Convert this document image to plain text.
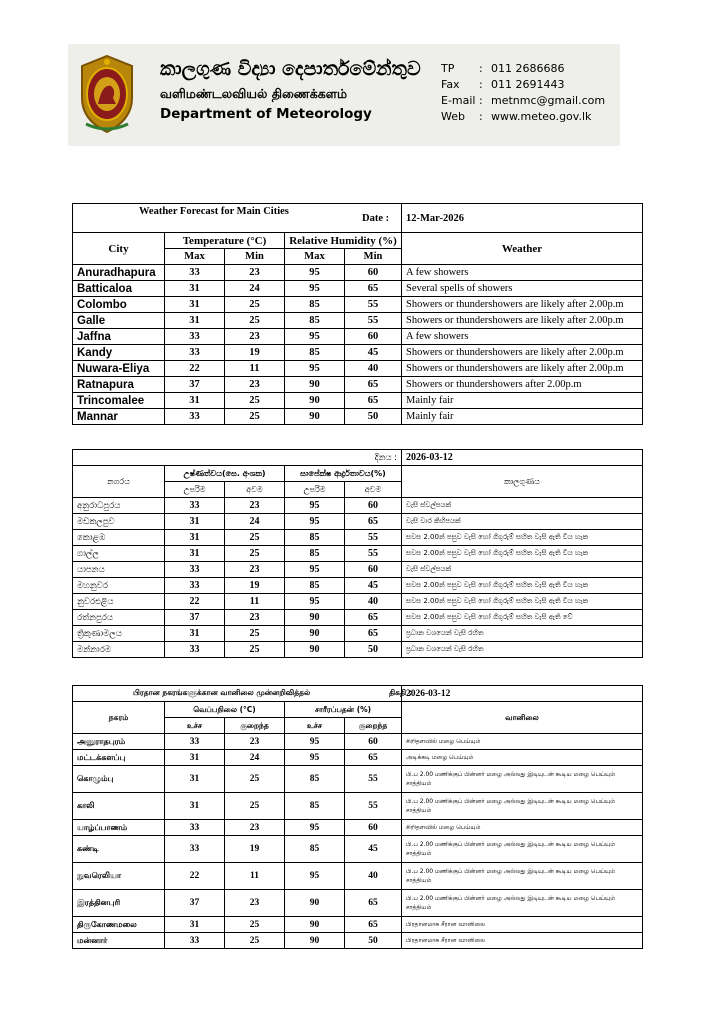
කාලගුණ විද්‍යා දෙපාර්තමේන්තුව
வளிமண்டலவியல் திணைக்களம்
Department of Meteorology
TP : 011 2686686
Fax : 011 2691443
E-mail : metnmc@gmail.com
Web : www.meteo.gov.lk
Weather Forecast for Main Cities
Date :					12-Mar-2026
City	Temperature (°C)		Relative Humidity (%)		Weather
	Max	Min	Max	Min	
Anuradhapura	33	23	95	60	A few showers
Batticaloa	31	24	95	65	Several spells of showers
Colombo	31	25	85	55	Showers or thundershowers are likely after 2.00p.m
Galle	31	25	85	55	Showers or thundershowers are likely after 2.00p.m
Jaffna	33	23	95	60	A few showers
Kandy	33	19	85	45	Showers or thundershowers are likely after 2.00p.m
Nuwara-Eliya	22	11	95	40	Showers or thundershowers are likely after 2.00p.m
Ratnapura	37	23	90	65	Showers or thundershowers after 2.00p.m
Trincomalee	31	25	90	65	Mainly fair
Mannar	33	25	90	50	Mainly fair
දිනය :					2026-03-12
නගරය	උෂ්ණත්වය(සෙ. අංශක)		සාපේක්ෂ ආර්ද්‍රතාවය(%)		කාලගුණය
	උපරිම	අවම	උපරිම	අවම	
අනුරාධපුරය	33	23	95	60	වැසි ස්වල්පයක්
මඩකලපුව	31	24	95	65	වැසි වාර කිහිපයක්
කොළඹ	31	25	85	55	සවස 2.00න් පසුව වැසි හෝ ගිගුරුම් සහිත වැසි ඇති වීය හැක
ගාල්ල	31	25	85	55	සවස 2.00න් පසුව වැසි හෝ ගිගුරුම් සහිත වැසි ඇති වීය හැක
යාපනය	33	23	95	60	වැසි ස්වල්පයක්
මහනුවර	33	19	85	45	සවස 2.00න් පසුව වැසි හෝ ගිගුරුම් සහිත වැසි ඇති වීය හැක
නුවරඑළිය	22	11	95	40	සවස 2.00න් පසුව වැසි හෝ ගිගුරුම් සහිත වැසි ඇති වීය හැක
රත්නපුරය	37	23	90	65	සවස 2.00න් පසුව වැසි හෝ ගිගුරුම් සහිත වැසි ඇති වේ
ත්‍රිකුණාමලය	31	25	90	65	ප්‍රධාන වශයෙන් වැසි රහිත
මන්නාරම	33	25	90	50	ප්‍රධාන වශයෙන් වැසි රහිත
பிரதான நகரங்களுக்கான வானிலை முன்னறிவித்தல் திகதி :					2026-03-12
நகரம்	வெப்பநிலை (°C)		சாரீரப்பதன் (%)		வானிலை
	உச்ச	குறைந்த	உச்ச	குறைந்த	
அனுராதபுரம்	33	23	95	60	சிறிதளவில் மழை பெய்யும்
மட்டக்களப்பு	31	24	95	65	அடிக்கடி மழை பெய்யும்
கொழும்பு	31	25	85	55	பி.ப 2.00 மணிக்குப் பின்னர் மழை அல்லது இடியுடன் கூடிய மழை பெய்யும் சாத்தியம்
காலி	31	25	85	55	பி.ப 2.00 மணிக்குப் பின்னர் மழை அல்லது இடியுடன் கூடிய மழை பெய்யும் சாத்தியம்
யாழ்ப்பாணம்	33	23	95	60	சிறிதளவில் மழை பெய்யும்
கண்டி	33	19	85	45	பி.ப 2.00 மணிக்குப் பின்னர் மழை அல்லது இடியுடன் கூடிய மழை பெய்யும் சாத்தியம்
நுவரெலியா	22	11	95	40	பி.ப 2.00 மணிக்குப் பின்னர் மழை அல்லது இடியுடன் கூடிய மழை பெய்யும் சாத்தியம்
இரத்தினபுரி	37	23	90	65	பி.ப 2.00 மணிக்குப் பின்னர் மழை அல்லது இடியுடன் கூடிய மழை பெய்யும் சாத்தியம்
திருகோணமலை	31	25	90	65	பிரதானமாக சீரான வானிலை
மன்னார்	33	25	90	50	பிரதானமாக சீரான வானிலை
